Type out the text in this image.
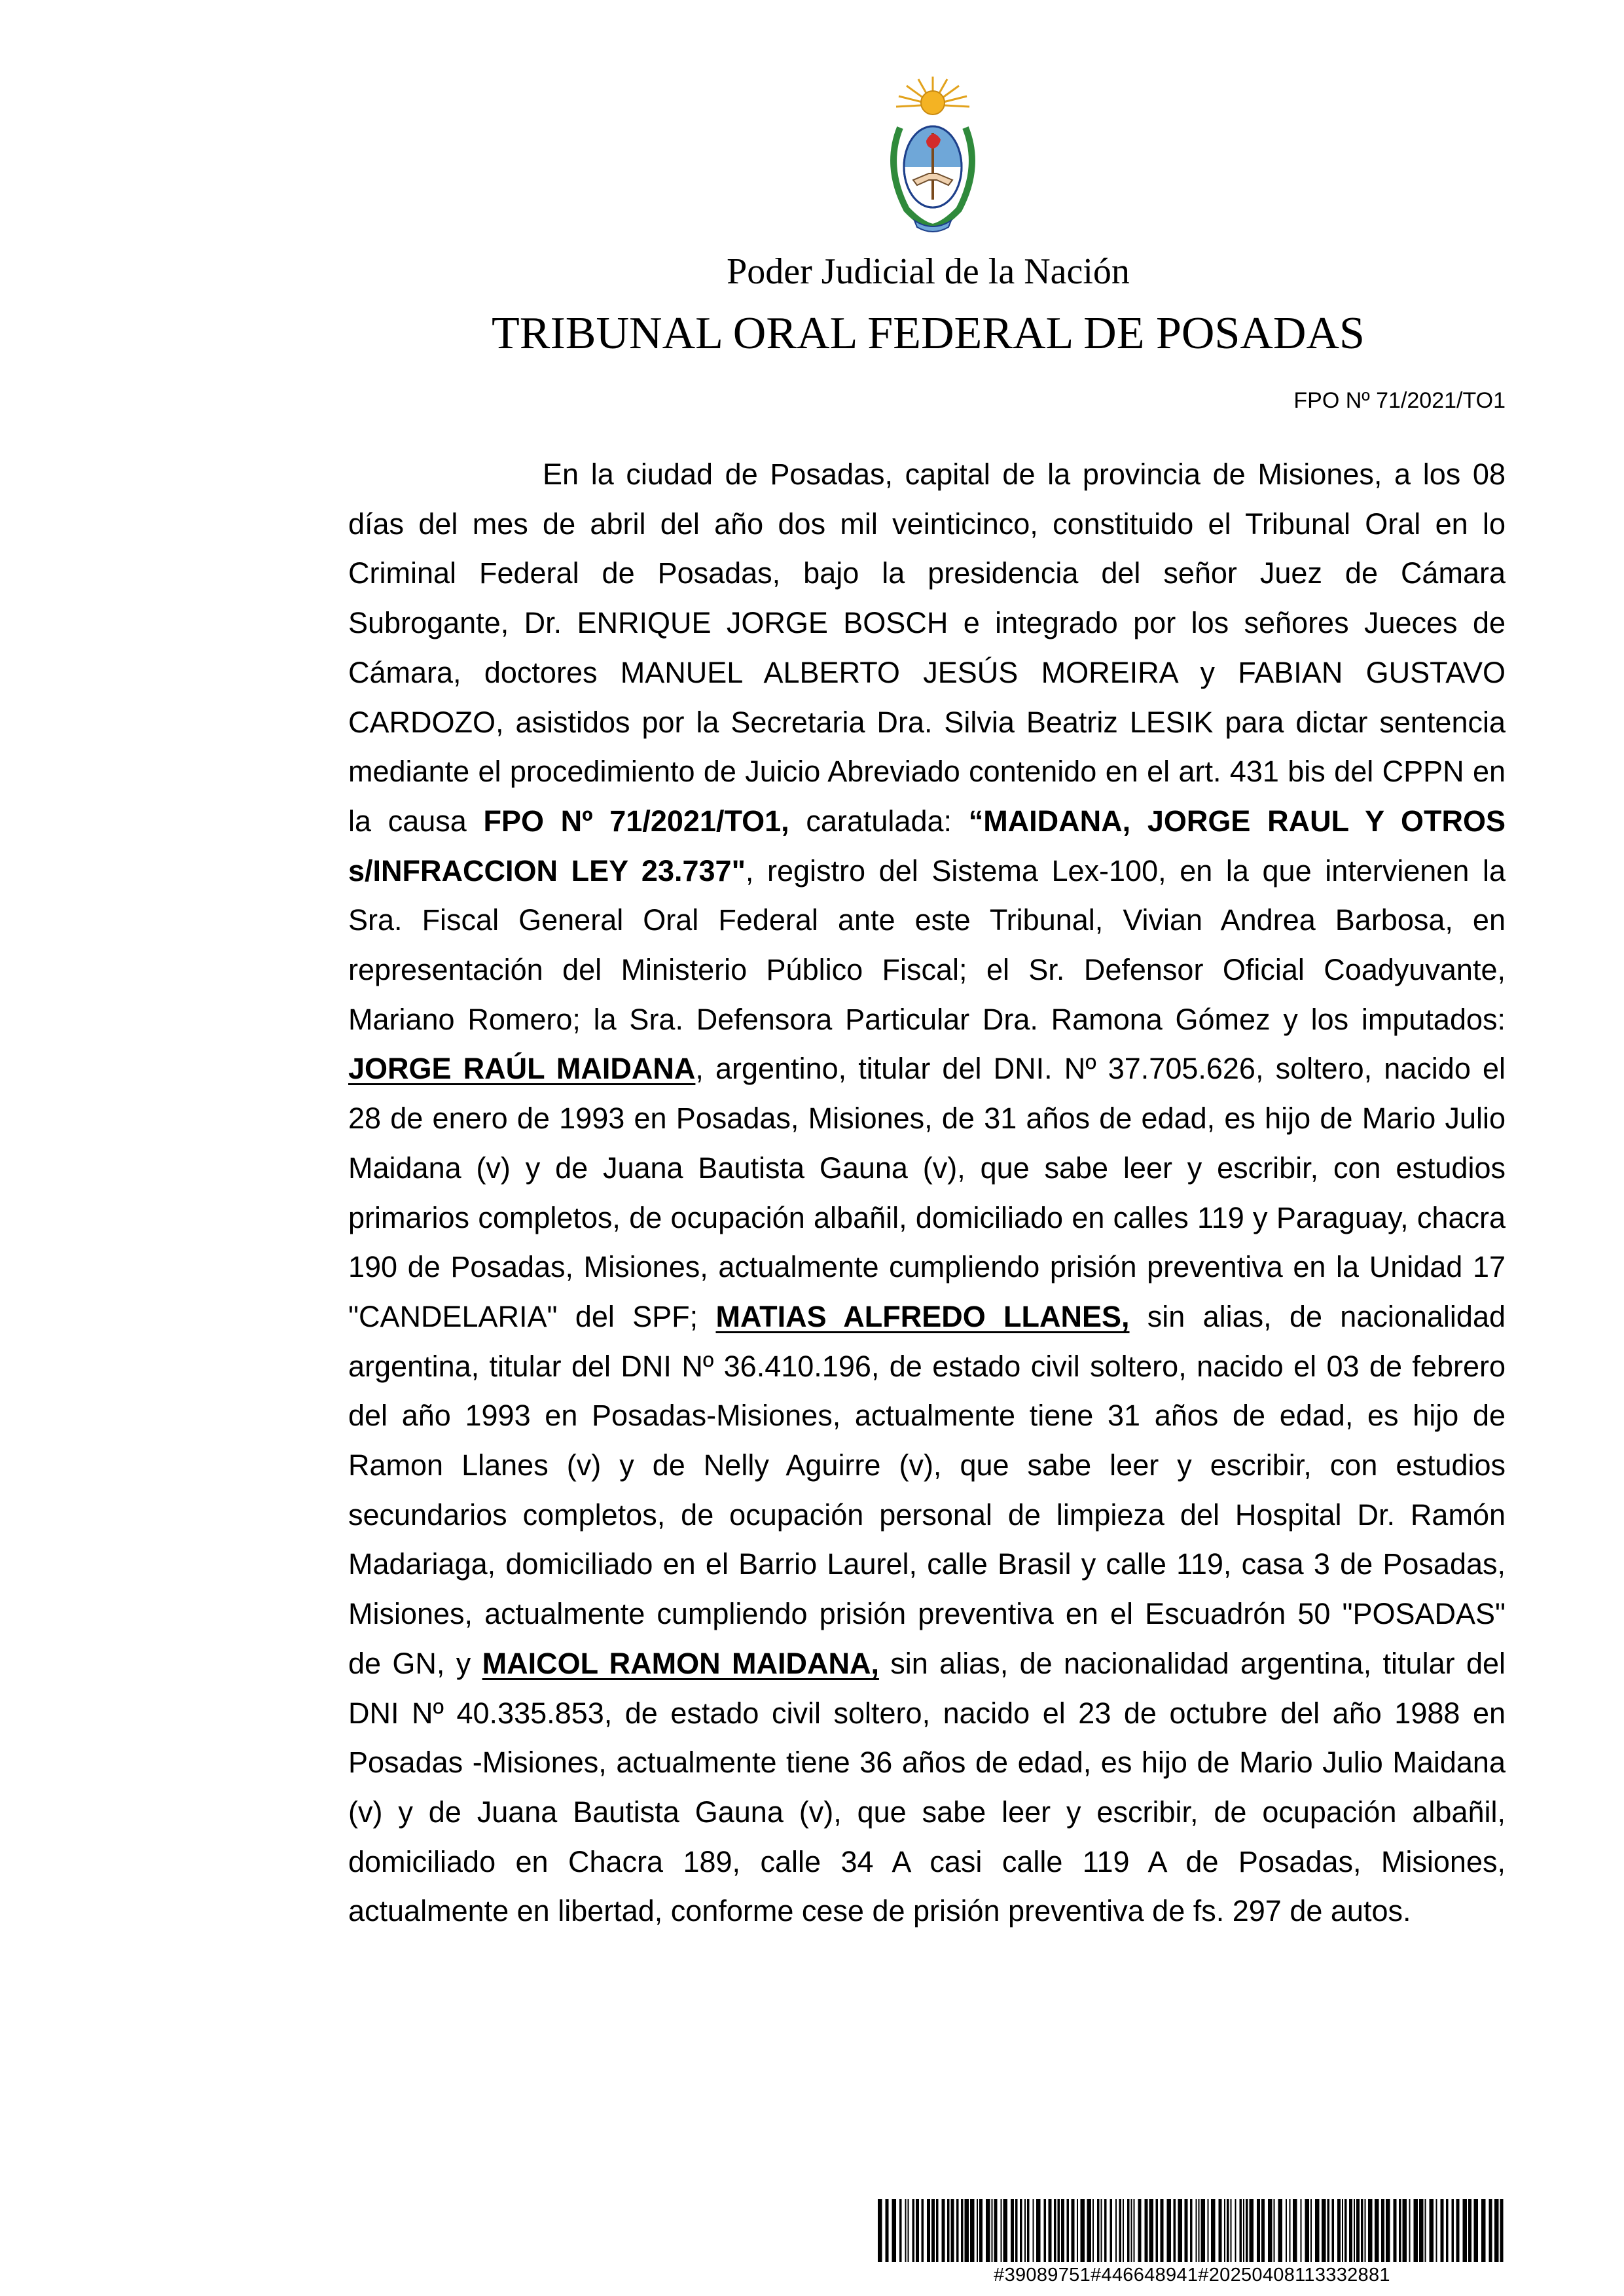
Poder Judicial de la Nación
TRIBUNAL ORAL FEDERAL DE POSADAS
FPO Nº 71/2021/TO1

En la ciudad de Posadas, capital de la provincia de Misiones, a los 08 días del mes de abril del año dos mil veinticinco, constituido el Tribunal Oral en lo Criminal Federal de Posadas, bajo la presidencia del señor Juez de Cámara Subrogante, Dr. ENRIQUE JORGE BOSCH e integrado por los señores Jueces de Cámara, doctores MANUEL ALBERTO JESÚS MOREIRA y FABIAN GUSTAVO CARDOZO, asistidos por la Secretaria Dra. Silvia Beatriz LESIK para dictar sentencia mediante el procedimiento de Juicio Abreviado contenido en el art. 431 bis del CPPN en la causa FPO Nº 71/2021/TO1, caratulada: “MAIDANA, JORGE RAUL Y OTROS s/INFRACCION LEY 23.737", registro del Sistema Lex-100, en la que intervienen la Sra. Fiscal General Oral Federal ante este Tribunal, Vivian Andrea Barbosa, en representación del Ministerio Público Fiscal; el Sr. Defensor Oficial Coadyuvante, Mariano Romero; la Sra. Defensora Particular Dra. Ramona Gómez y los imputados: JORGE RAÚL MAIDANA, argentino, titular del DNI. Nº 37.705.626, soltero, nacido el 28 de enero de 1993 en Posadas, Misiones, de 31 años de edad, es hijo de Mario Julio Maidana (v) y de Juana Bautista Gauna (v), que sabe leer y escribir, con estudios primarios completos, de ocupación albañil, domiciliado en calles 119 y Paraguay, chacra 190 de Posadas, Misiones, actualmente cumpliendo prisión preventiva en la Unidad 17 "CANDELARIA" del SPF; MATIAS ALFREDO LLANES, sin alias, de nacionalidad argentina, titular del DNI Nº 36.410.196, de estado civil soltero, nacido el 03 de febrero del año 1993 en Posadas-Misiones, actualmente tiene 31 años de edad, es hijo de Ramon Llanes (v) y de Nelly Aguirre (v), que sabe leer y escribir, con estudios secundarios completos, de ocupación personal de limpieza del Hospital Dr. Ramón Madariaga, domiciliado en el Barrio Laurel, calle Brasil y calle 119, casa 3 de Posadas, Misiones, actualmente cumpliendo prisión preventiva en el Escuadrón 50 "POSADAS" de GN, y MAICOL RAMON MAIDANA, sin alias, de nacionalidad argentina, titular del DNI Nº 40.335.853, de estado civil soltero, nacido el 23 de octubre del año 1988 en Posadas -Misiones, actualmente tiene 36 años de edad, es hijo de Mario Julio Maidana (v) y de Juana Bautista Gauna (v), que sabe leer y escribir, de ocupación albañil, domiciliado en Chacra 189, calle 34 A casi calle 119 A de Posadas, Misiones, actualmente en libertad, conforme cese de prisión preventiva de fs. 297 de autos.

#39089751#446648941#20250408113332881
